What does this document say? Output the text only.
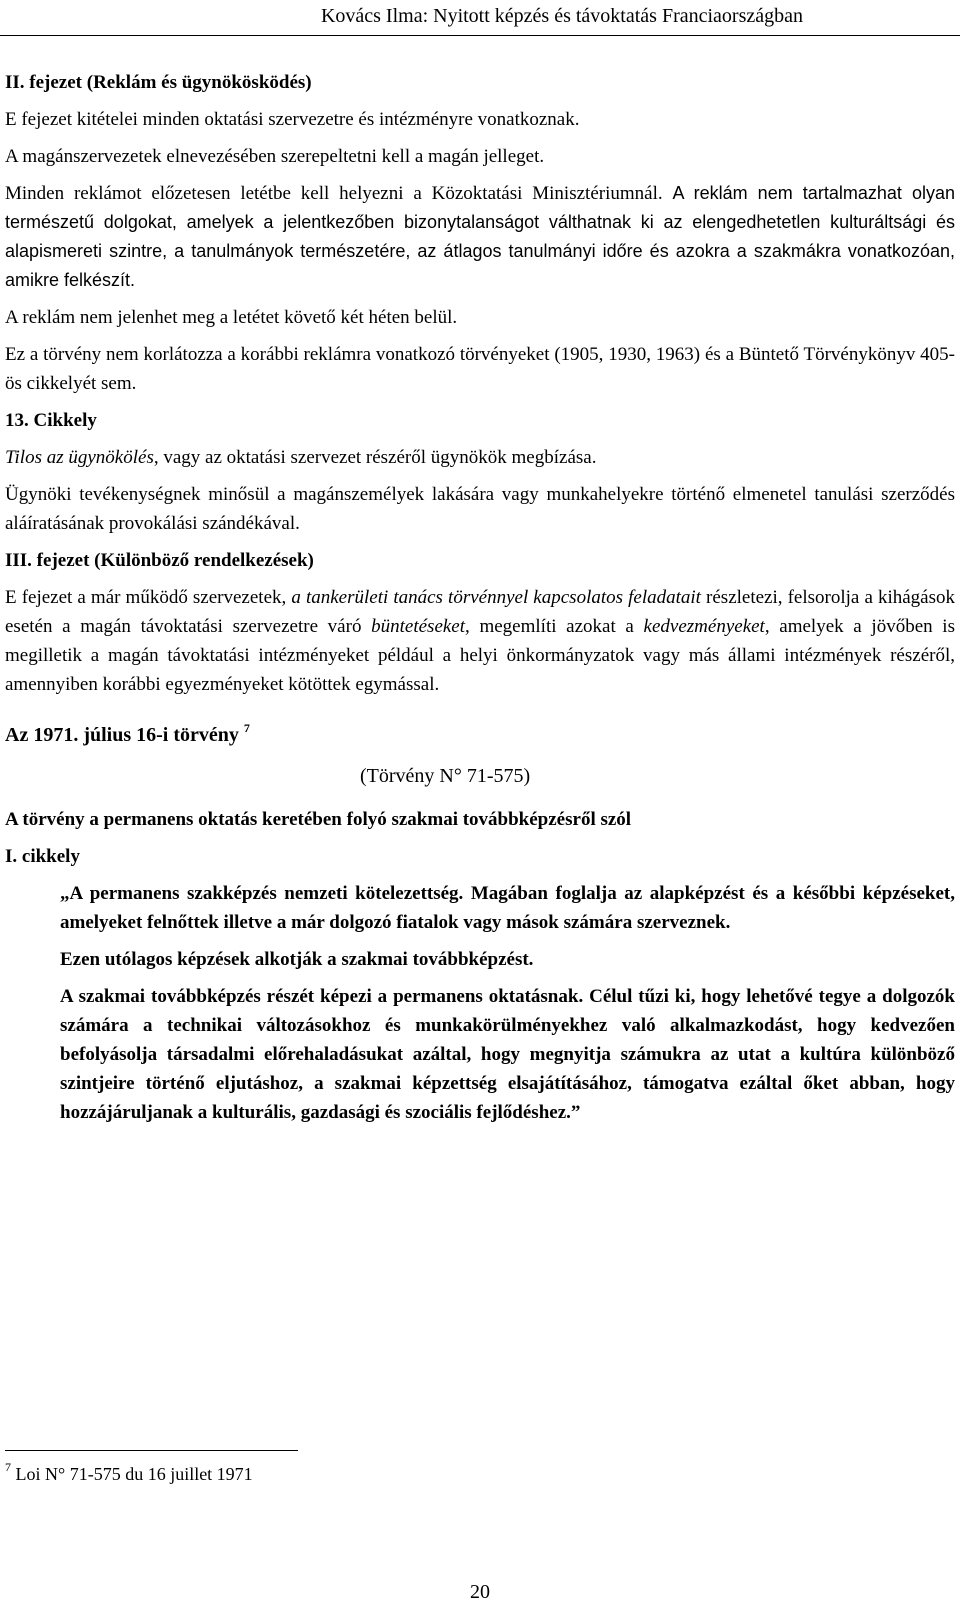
Kovács Ilma: Nyitott képzés és távoktatás Franciaországban

II. fejezet (Reklám és ügynökösködés)

E fejezet kitételei minden oktatási szervezetre és intézményre vonatkoznak.

A magánszervezetek elnevezésében szerepeltetni kell a magán jelleget.

Minden reklámot előzetesen letétbe kell helyezni a Közoktatási Minisztériumnál. A reklám nem tartalmazhat olyan természetű dolgokat, amelyek a jelentkezőben bizonytalanságot válthatnak ki az elengedhetetlen kulturáltsági és alapismereti szintre, a tanulmányok természetére, az átlagos tanulmányi időre és azokra a szakmákra vonatkozóan, amikre felkészít.

A reklám nem jelenhet meg a letétet követő két héten belül.

Ez a törvény nem korlátozza a korábbi reklámra vonatkozó törvényeket (1905, 1930, 1963) és a Büntető Törvénykönyv 405-ös cikkelyét sem.

13. Cikkely

Tilos az ügynökölés, vagy az oktatási szervezet részéről ügynökök megbízása.

Ügynöki tevékenységnek minősül a magánszemélyek lakására vagy munkahelyekre történő elmenetel tanulási szerződés aláíratásának provokálási szándékával.

III. fejezet (Különböző rendelkezések)

E fejezet a már működő szervezetek, a tankerületi tanács törvénnyel kapcsolatos feladatait részletezi, felsorolja a kihágások esetén a magán távoktatási szervezetre váró büntetéseket, megemlíti azokat a kedvezményeket, amelyek a jövőben is megilletik a magán távoktatási intézményeket például a helyi önkormányzatok vagy más állami intézmények részéről, amennyiben korábbi egyezményeket kötöttek egymással.

Az 1971. július 16-i törvény $^7$

(Törvény N° 71-575)

A törvény a permanens oktatás keretében folyó szakmai továbbképzésről szól

I. cikkely

„A permanens szakképzés nemzeti kötelezettség. Magában foglalja az alapképzést és a későbbi képzéseket, amelyeket felnőttek illetve a már dolgozó fiatalok vagy mások számára szerveznek.

Ezen utólagos képzések alkotják a szakmai továbbképzést.

A szakmai továbbképzés részét képezi a permanens oktatásnak. Célul tűzi ki, hogy lehetővé tegye a dolgozók számára a technikai változásokhoz és munkakörülményekhez való alkalmazkodást, hogy kedvezően befolyásolja társadalmi előrehaladásukat azáltal, hogy megnyitja számukra az utat a kultúra különböző szintjeire történő eljutáshoz, a szakmai képzettség elsajátításához, támogatva ezáltal őket abban, hogy hozzájáruljanak a kulturális, gazdasági és szociális fejlődéshez.”

$^7$ Loi N° 71-575 du 16 juillet 1971
20
